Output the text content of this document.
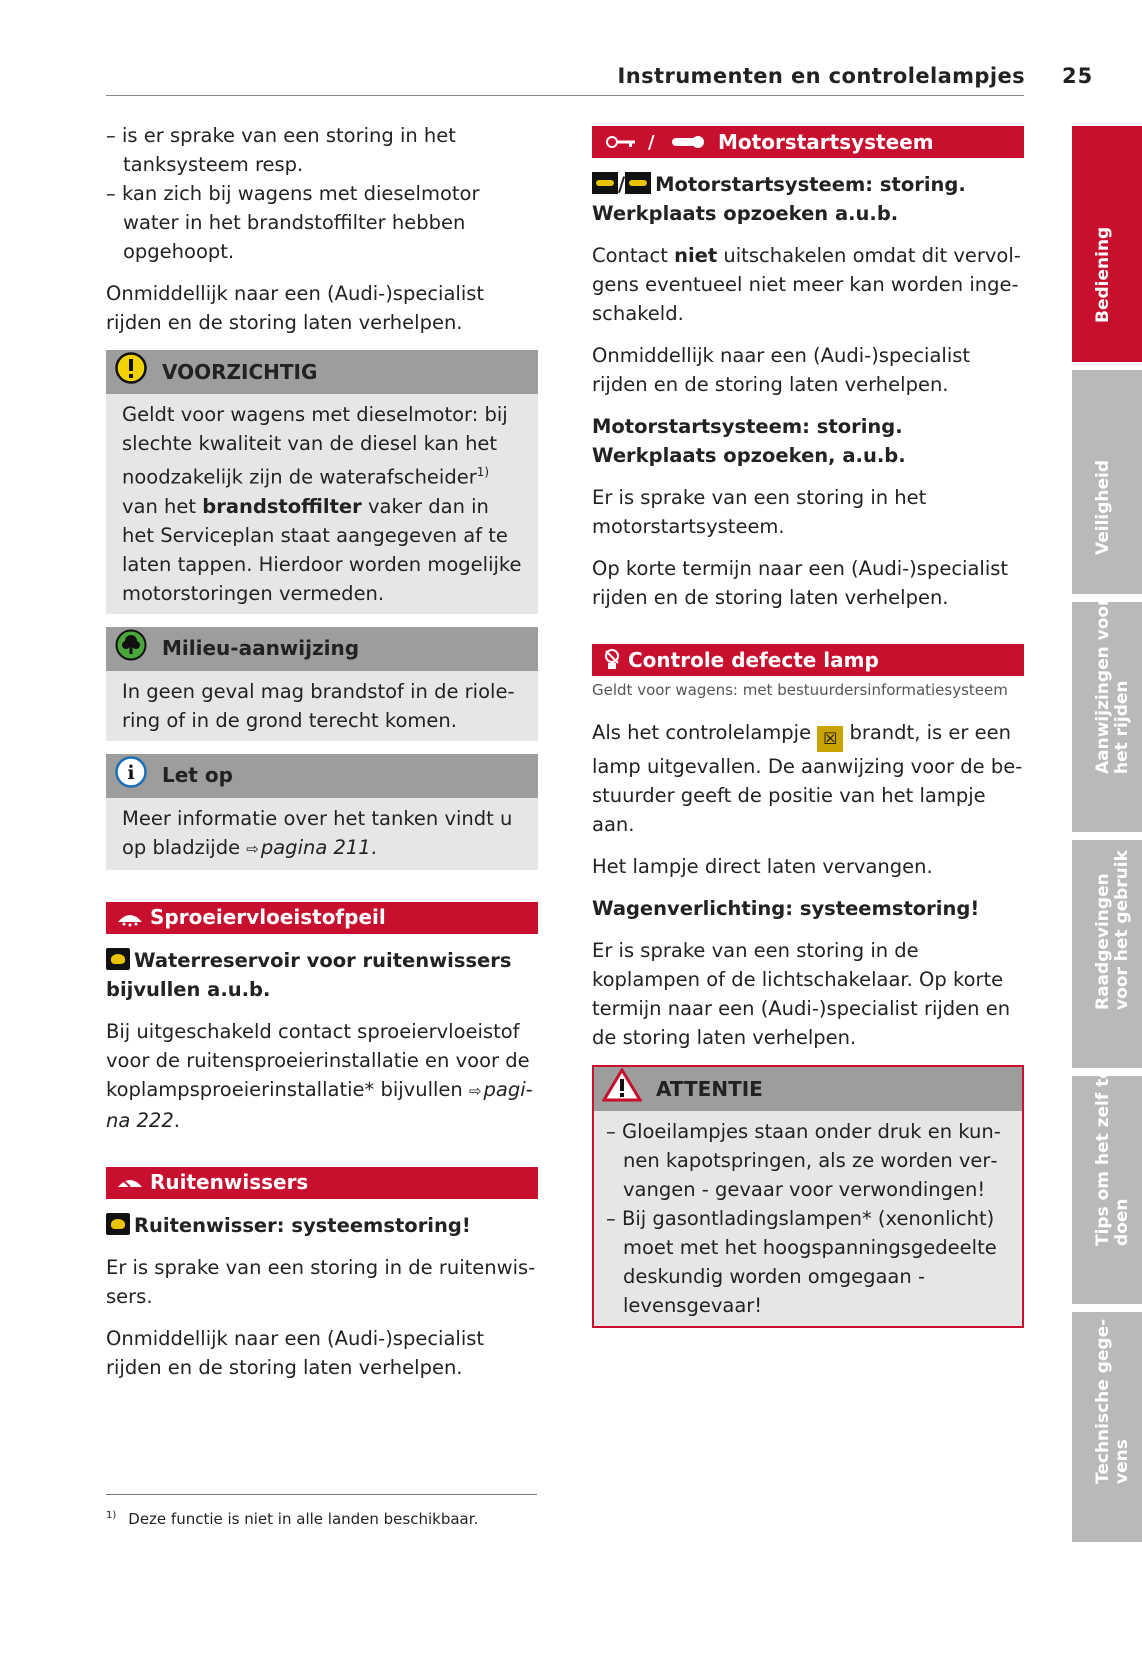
Instrumenten en controlelampjes 25

– is er sprake van een storing in het tanksysteem resp.

– kan zich bij wagens met dieselmotor water in het brandstoffilter hebben opgehoopt.

Onmiddellijk naar een (Audi-)specialist rijden en de storing laten verhelpen.

VOORZICHTIG
Geldt voor wagens met dieselmotor: bij slechte kwaliteit van de diesel kan het noodzakelijk zijn de waterafscheider$^{1)}$ van het brandstoffilter vaker dan in het Serviceplan staat aangegeven af te laten tappen. Hierdoor worden mogelijke motorstoringen vermeden.
Milieu-aanwijzing
In geen geval mag brandstof in de riolering of in de grond terecht komen.
i Let op
Meer informatie over het tanken vindt u op bladzijde ⇨ pagina 211.
Sproeiervloeistofpeil

Waterreservoir voor ruitenwissers bijvullen a.u.b.

Bij uitgeschakeld contact sproeiervloeistof voor de ruitensproeierinstallatie en voor de koplampsproeierinstallatie* bijvullen ⇨ pagina 222.

Ruitenwissers

Ruitenwisser: systeemstoring!

Er is sprake van een storing in de ruitenwissers.

Onmiddellijk naar een (Audi-)specialist rijden en de storing laten verhelpen.

/	Motorstartsysteem

/ Motorstartsysteem: storing. Werkplaats opzoeken a.u.b.

Contact niet uitschakelen omdat dit vervolgens eventueel niet meer kan worden ingeschakeld.

Onmiddellijk naar een (Audi-)specialist rijden en de storing laten verhelpen.

Motorstartsysteem: storing. Werkplaats opzoeken, a.u.b.

Er is sprake van een storing in het motorstartsysteem.

Op korte termijn naar een (Audi-)specialist rijden en de storing laten verhelpen.

Controle defecte lamp
Geldt voor wagens: met bestuurdersinformatiesysteem

Als het controlelampje ☒ brandt, is er een lamp uitgevallen. De aanwijzing voor de bestuurder geeft de positie van het lampje aan.

Het lampje direct laten vervangen.

Wagenverlichting: systeemstoring!

Er is sprake van een storing in de koplampen of de lichtschakelaar. Op korte termijn naar een (Audi-)specialist rijden en de storing laten verhelpen.

ATTENTIE

– Gloeilampjes staan onder druk en kunnen kapotspringen, als ze worden vervangen - gevaar voor verwondingen!

– Bij gasontladingslampen* (xenonlicht) moet met het hoogspanningsgedeelte deskundig worden omgegaan - levensgevaar!

$^{1)}$ Deze functie is niet in alle landen beschikbaar.
Bediening
Veiligheid
Aanwijzingen voor het rijden
Raadgevingen voor het gebruik
Tips om het zelf te doen
Technische gegevens
